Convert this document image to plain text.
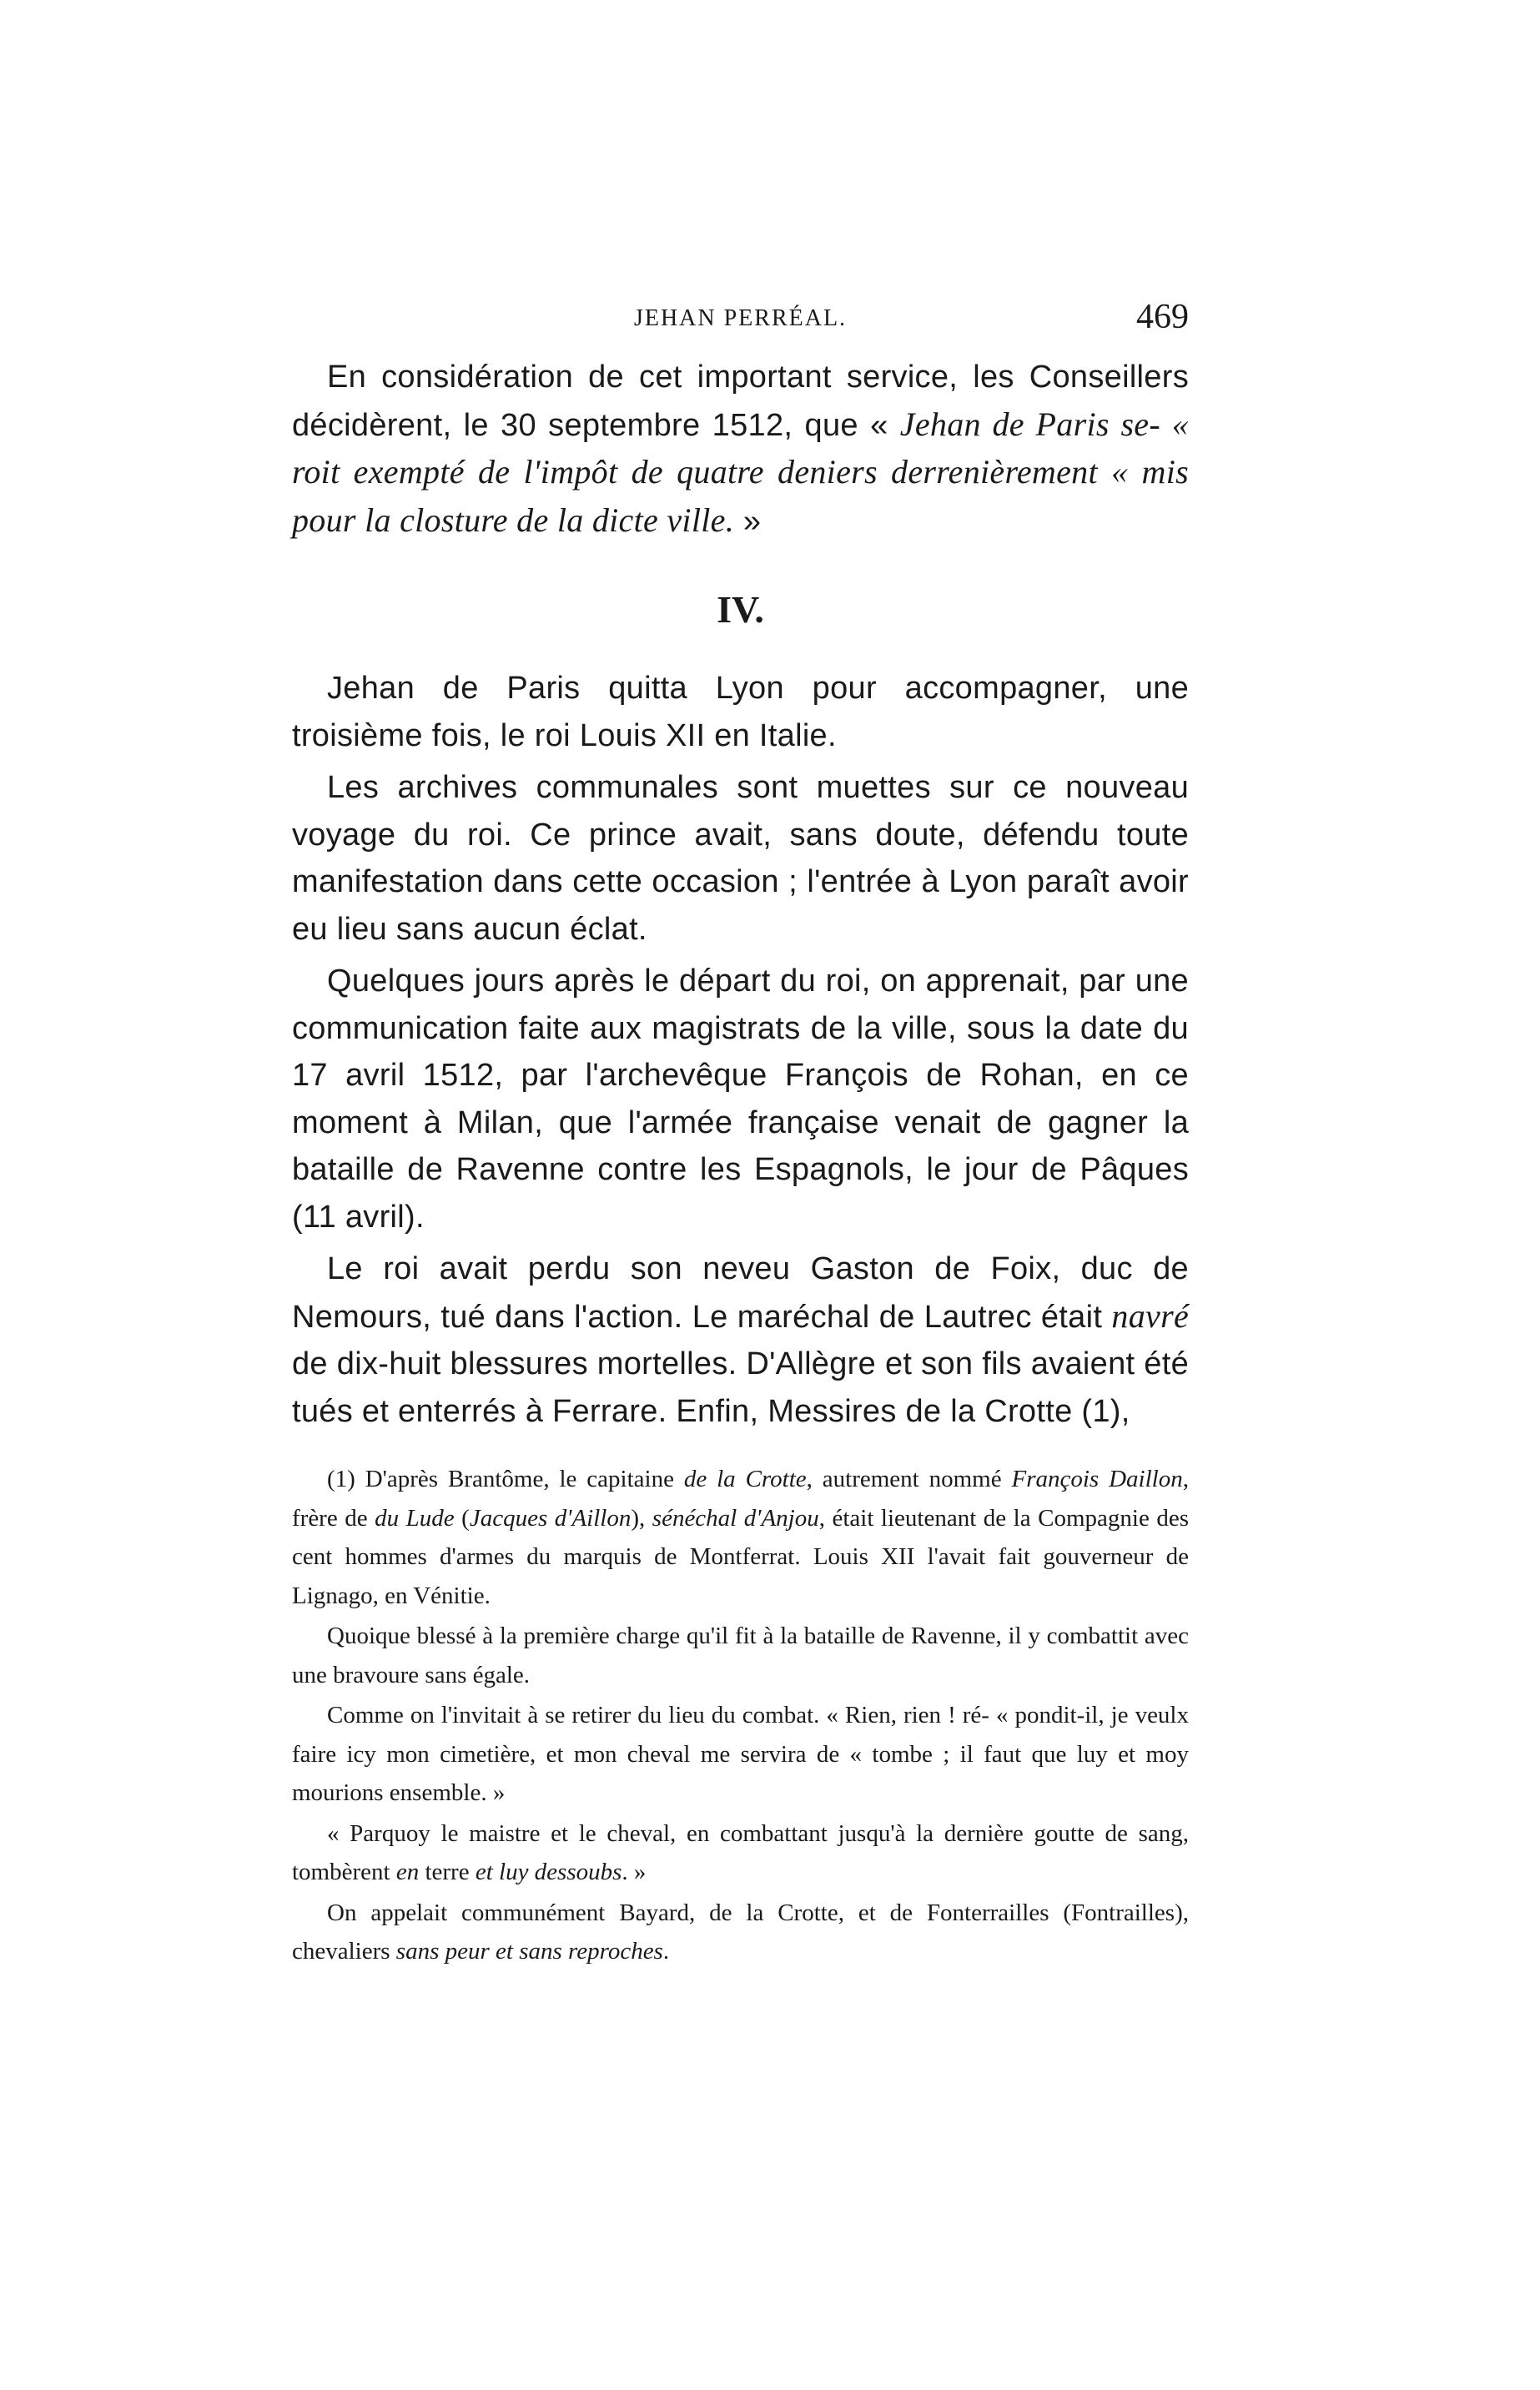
JEHAN PERRÉAL.	469

En considération de cet important service, les Conseillers décidèrent, le 30 septembre 1512, que « Jehan de Paris se- « roit exempté de l'impôt de quatre deniers derrenièrement « mis pour la closture de la dicte ville. »

IV.

Jehan de Paris quitta Lyon pour accompagner, une troisième fois, le roi Louis XII en Italie.

Les archives communales sont muettes sur ce nouveau voyage du roi. Ce prince avait, sans doute, défendu toute manifestation dans cette occasion ; l'entrée à Lyon paraît avoir eu lieu sans aucun éclat.

Quelques jours après le départ du roi, on apprenait, par une communication faite aux magistrats de la ville, sous la date du 17 avril 1512, par l'archevêque François de Rohan, en ce moment à Milan, que l'armée française venait de gagner la bataille de Ravenne contre les Espagnols, le jour de Pâques (11 avril).

Le roi avait perdu son neveu Gaston de Foix, duc de Nemours, tué dans l'action. Le maréchal de Lautrec était navré de dix-huit blessures mortelles. D'Allègre et son fils avaient été tués et enterrés à Ferrare. Enfin, Messires de la Crotte (1),

(1) D'après Brantôme, le capitaine de la Crotte, autrement nommé François Daillon, frère de du Lude (Jacques d'Aillon), sénéchal d'Anjou, était lieutenant de la Compagnie des cent hommes d'armes du marquis de Montferrat. Louis XII l'avait fait gouverneur de Lignago, en Vénitie.

Quoique blessé à la première charge qu'il fit à la bataille de Ravenne, il y combattit avec une bravoure sans égale.

Comme on l'invitait à se retirer du lieu du combat. « Rien, rien ! ré- « pondit-il, je veulx faire icy mon cimetière, et mon cheval me servira de « tombe ; il faut que luy et moy mourions ensemble. »

« Parquoy le maistre et le cheval, en combattant jusqu'à la dernière goutte de sang, tombèrent en terre et luy dessoubs. »

On appelait communément Bayard, de la Crotte, et de Fonterrailles (Fontrailles), chevaliers sans peur et sans reproches.
